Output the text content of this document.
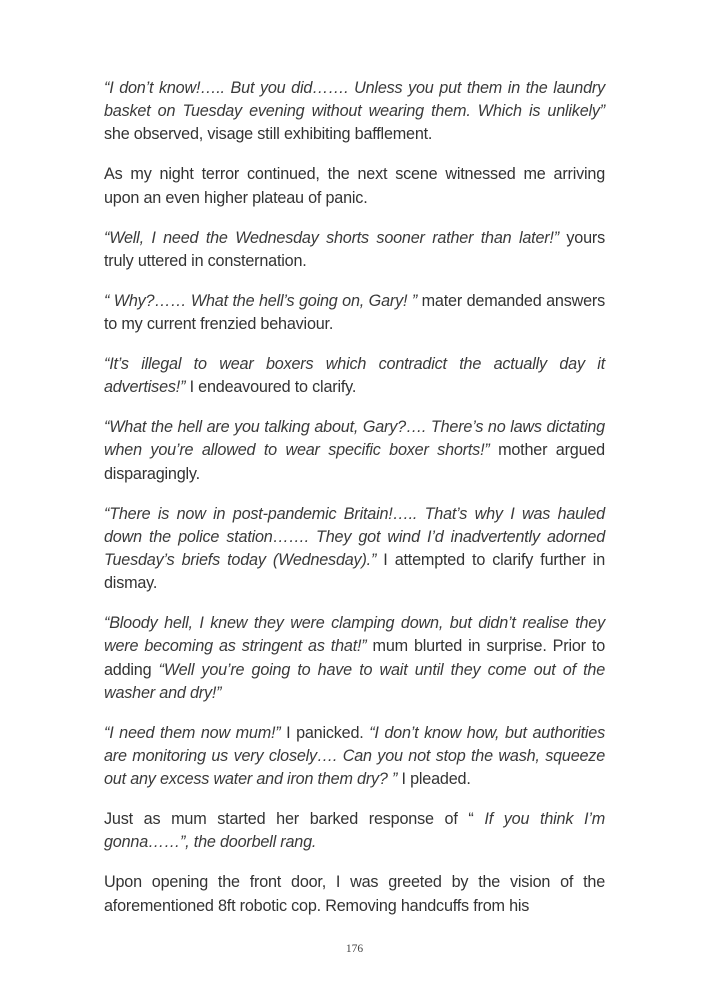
“I don’t know!….. But you did……. Unless you put them in the laundry basket on Tuesday evening without wearing them. Which is unlikely” she observed, visage still exhibiting bafflement.

As my night terror continued, the next scene witnessed me arriving upon an even higher plateau of panic.

“Well, I need the Wednesday shorts sooner rather than later!” yours truly uttered in consternation.

“ Why?…… What the hell’s going on, Gary! ” mater demanded answers to my current frenzied behaviour.

“It’s illegal to wear boxers which contradict the actually day it advertises!” I endeavoured to clarify.

“What the hell are you talking about, Gary?…. There’s no laws dictating when you’re allowed to wear specific boxer shorts!” mother argued disparagingly.

“There is now in post-pandemic Britain!….. That’s why I was hauled down the police station……. They got wind I’d inadvertently adorned Tuesday’s briefs today (Wednesday).” I attempted to clarify further in dismay.

“Bloody hell, I knew they were clamping down, but didn’t realise they were becoming as stringent as that!” mum blurted in surprise. Prior to adding “Well you’re going to have to wait until they come out of the washer and dry!”

“I need them now mum!” I panicked. “I don’t know how, but authorities are monitoring us very closely…. Can you not stop the wash, squeeze out any excess water and iron them dry? ” I pleaded.

Just as mum started her barked response of “ If you think I’m gonna……”, the doorbell rang.

Upon opening the front door, I was greeted by the vision of the aforementioned 8ft robotic cop. Removing handcuffs from his

176
